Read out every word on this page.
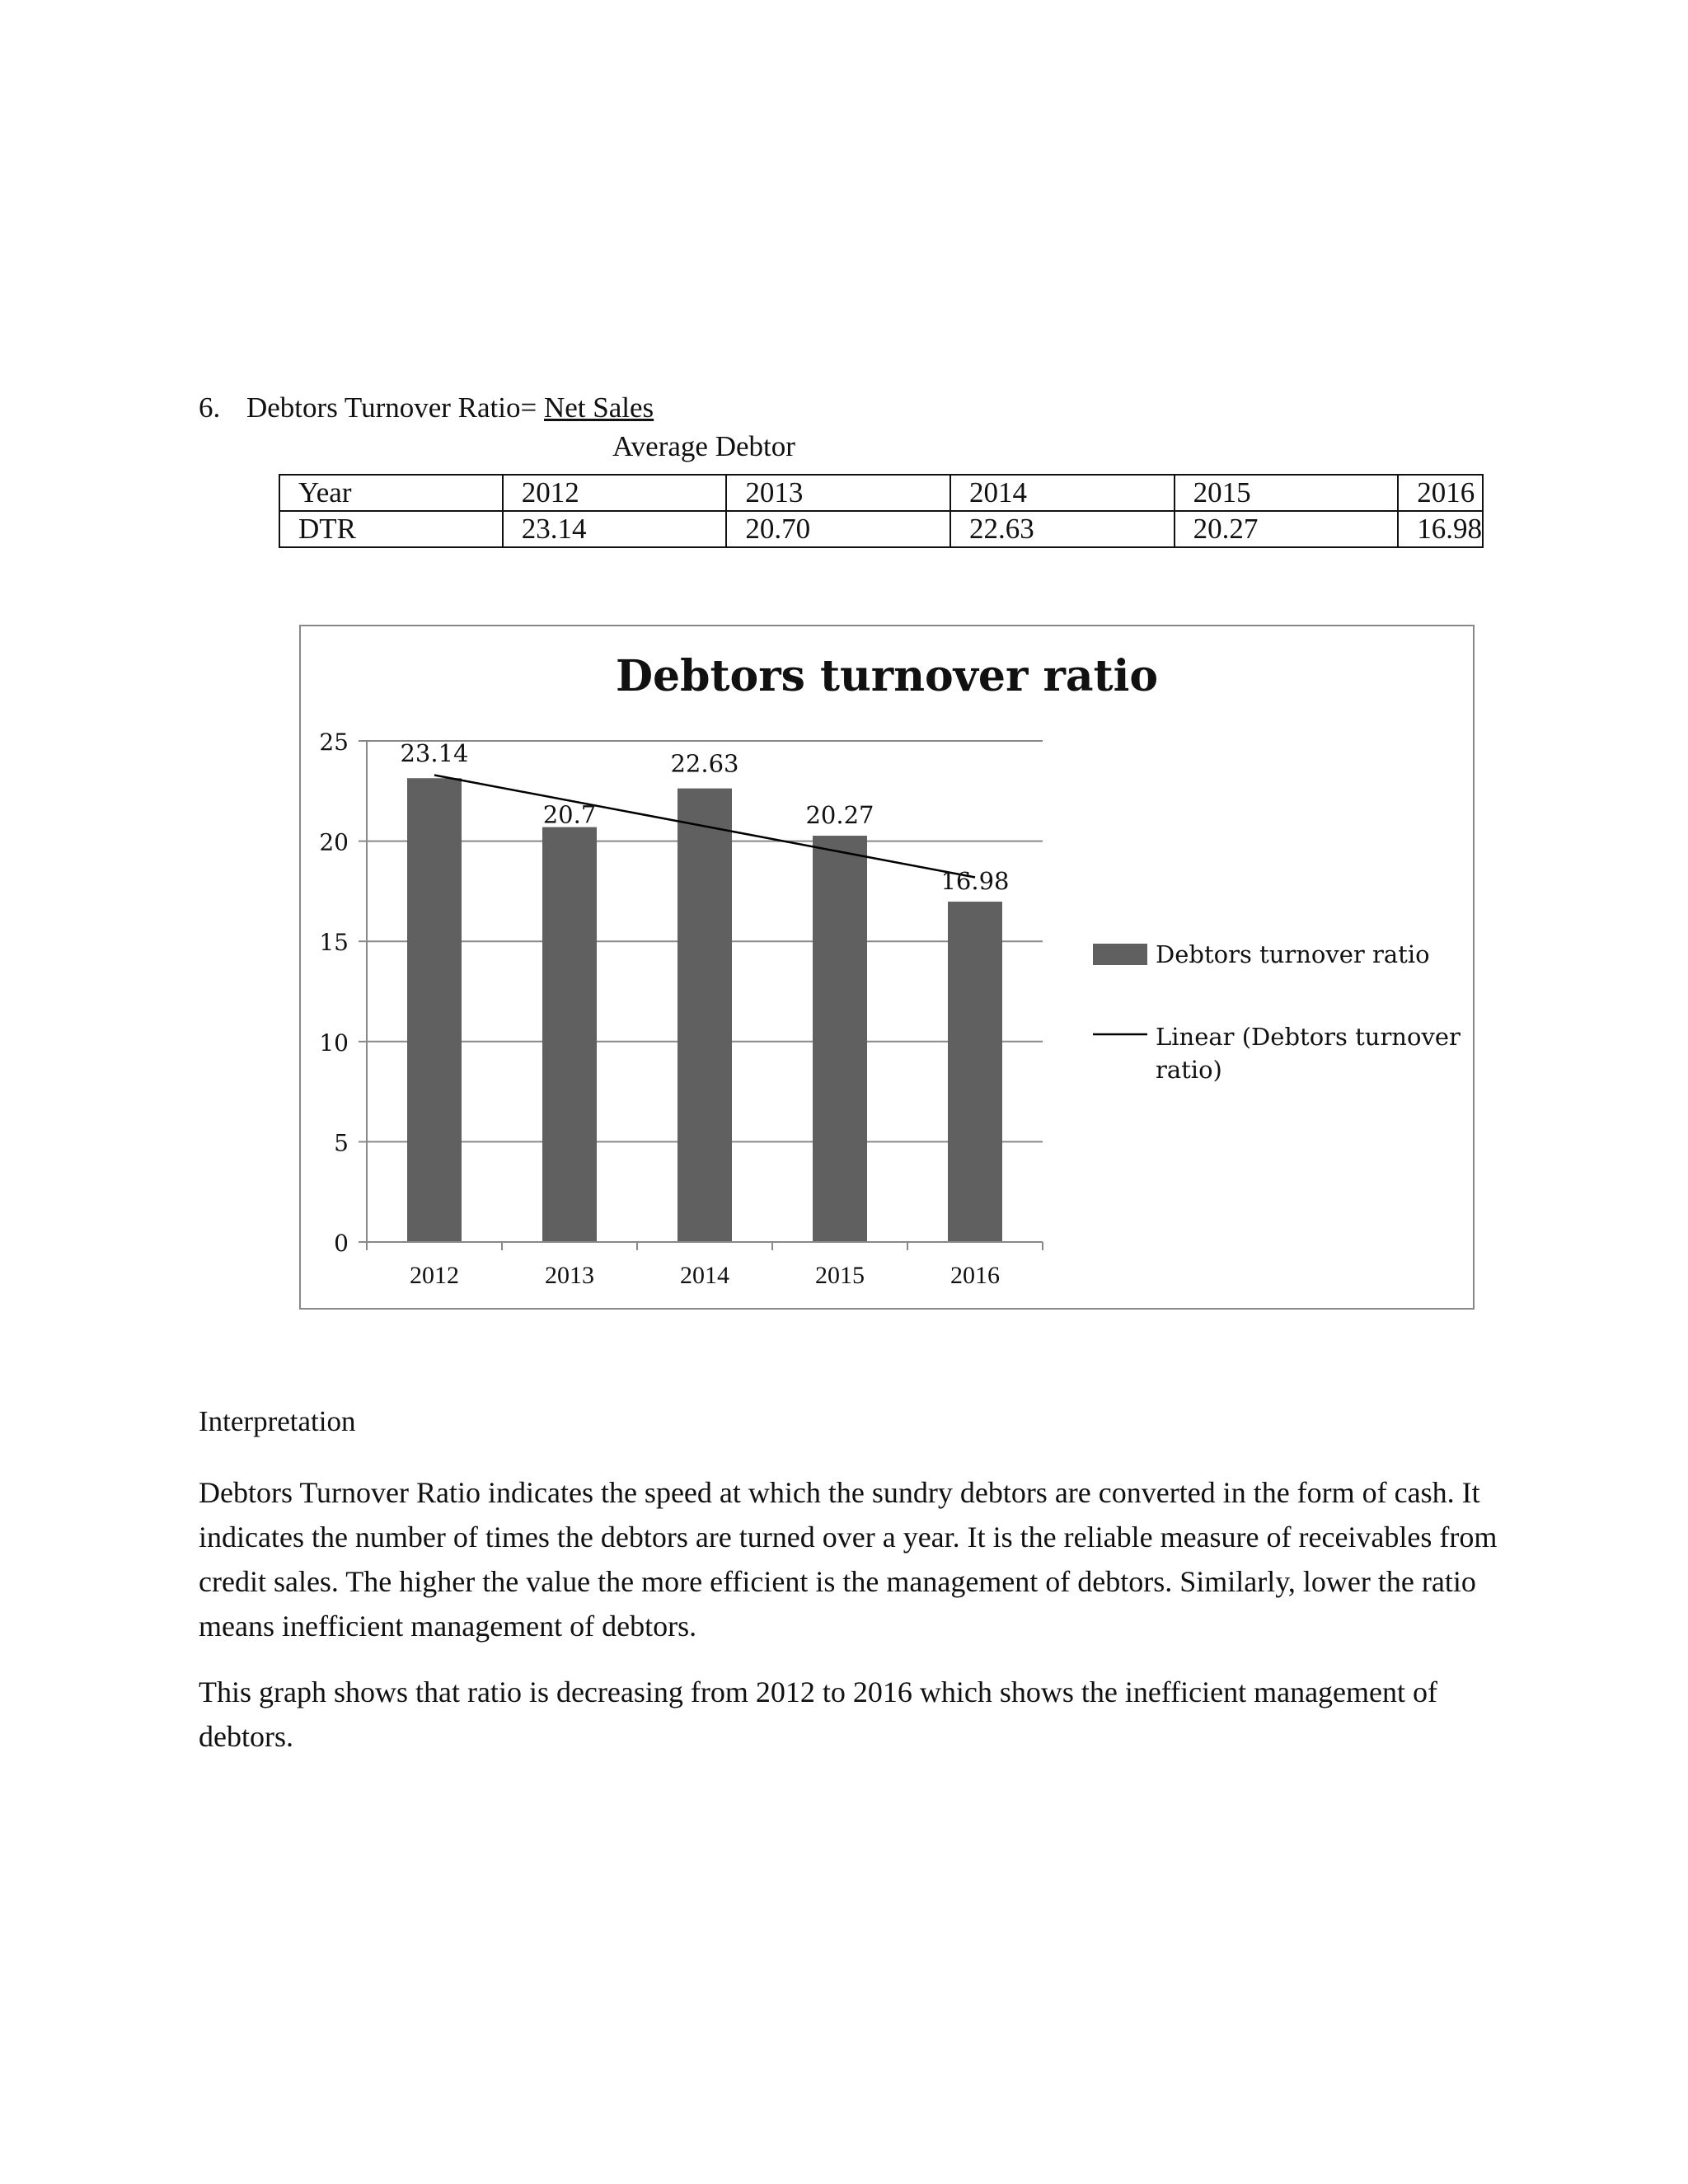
6. Debtors Turnover Ratio= Net Sales
Average Debtor
Year	2012	2013	2014	2015	2016
DTR	23.14	20.70	22.63	20.27	16.98
Debtors turnover ratio
0
5
10
15
20
25
2012	2013	2014	2015	2016
23.14
20.7
22.63
20.27
16.98
Debtors turnover ratio
Linear (Debtors turnover ratio)
Interpretation

Debtors Turnover Ratio indicates the speed at which the sundry debtors are converted in the form of cash. It indicates the number of times the debtors are turned over a year. It is the reliable measure of receivables from credit sales. The higher the value the more efficient is the management of debtors. Similarly, lower the ratio means inefficient management of debtors.

This graph shows that ratio is decreasing from 2012 to 2016 which shows the inefficient management of debtors.
